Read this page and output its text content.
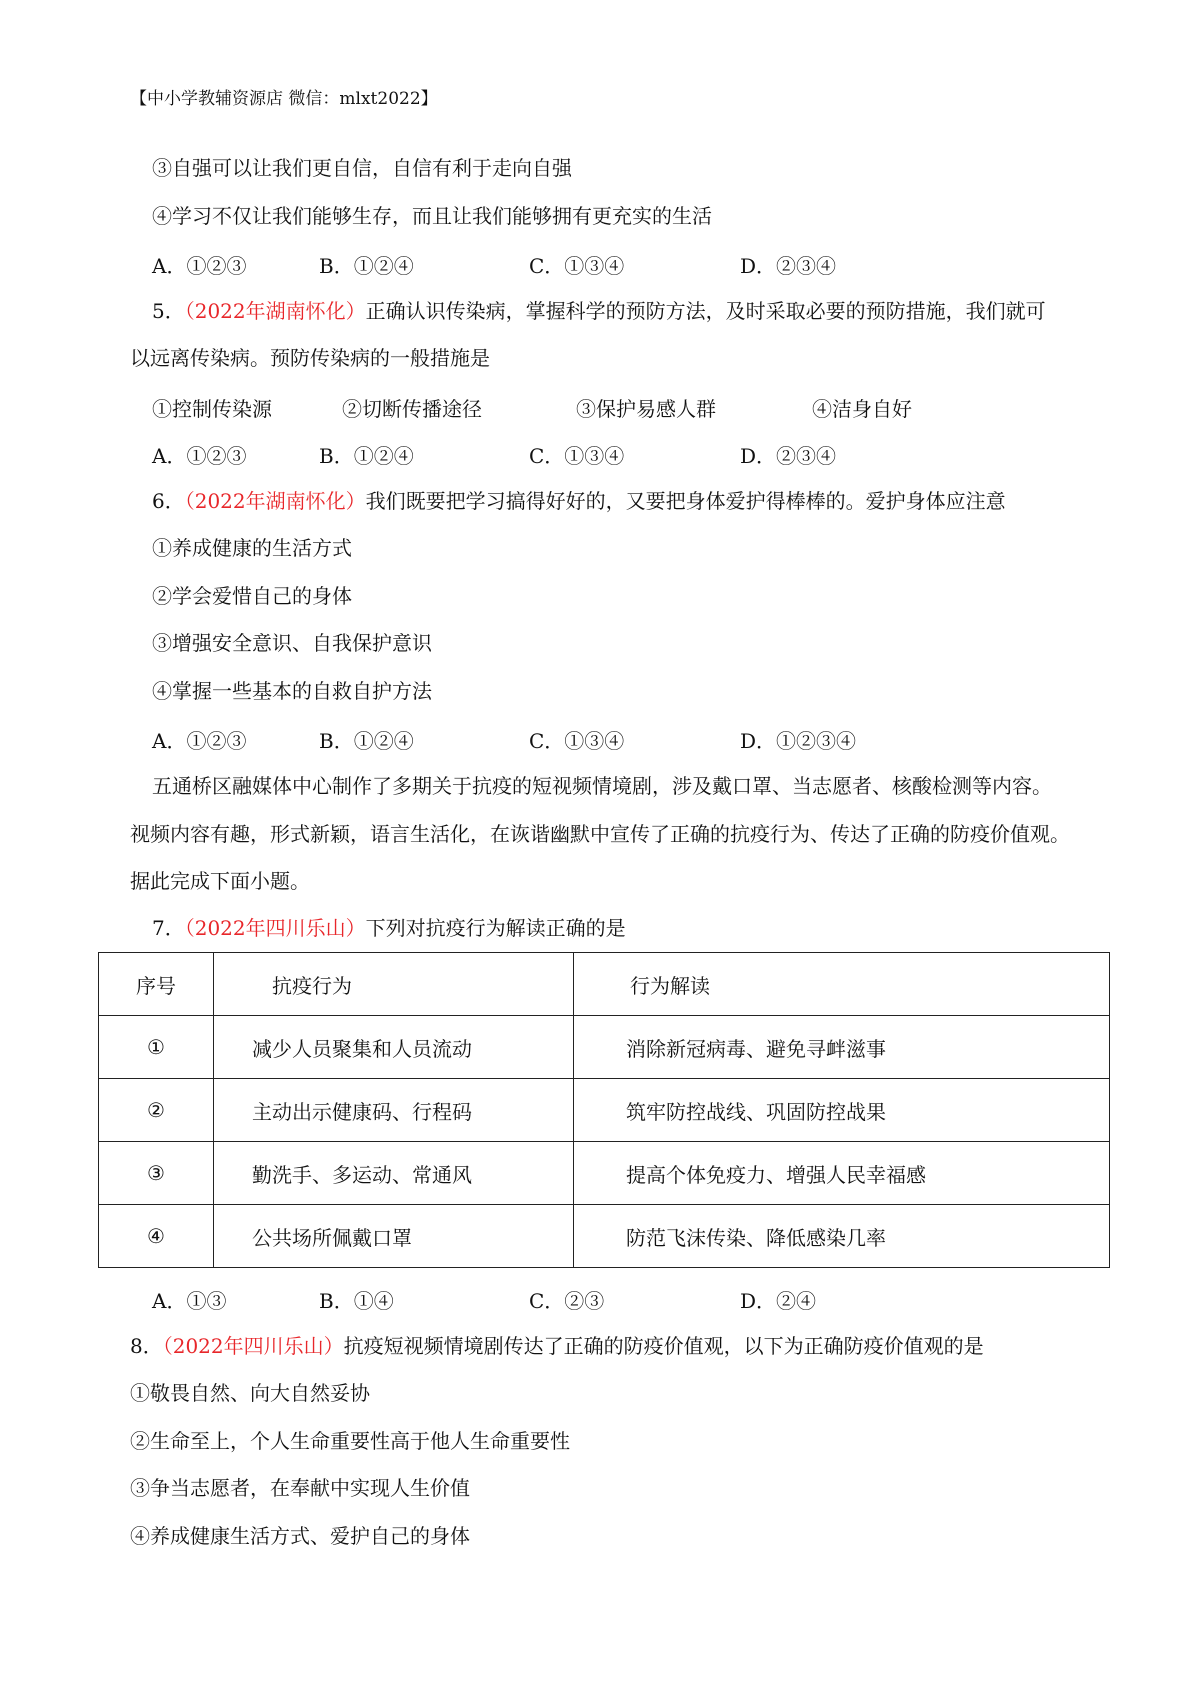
【中小学教辅资源店 微信：mlxt2022】
③自强可以让我们更自信，自信有利于走向自强
④学习不仅让我们能够生存，而且让我们能够拥有更充实的生活
A．①②③	B．①②④	C．①③④	D．②③④
5．（2022年湖南怀化）正确认识传染病，掌握科学的预防方法，及时采取必要的预防措施，我们就可
以远离传染病。预防传染病的一般措施是
①控制传染源	②切断传播途径	③保护易感人群	④洁身自好
A．①②③	B．①②④	C．①③④	D．②③④
6．（2022年湖南怀化）我们既要把学习搞得好好的，又要把身体爱护得棒棒的。爱护身体应注意
①养成健康的生活方式
②学会爱惜自己的身体
③增强安全意识、自我保护意识
④掌握一些基本的自救自护方法
A．①②③	B．①②④	C．①③④	D．①②③④
五通桥区融媒体中心制作了多期关于抗疫的短视频情境剧，涉及戴口罩、当志愿者、核酸检测等内容。
视频内容有趣，形式新颖，语言生活化，在诙谐幽默中宣传了正确的抗疫行为、传达了正确的防疫价值观。
据此完成下面小题。
7．（2022年四川乐山）下列对抗疫行为解读正确的是
序号	抗疫行为	行为解读
①	减少人员聚集和人员流动	消除新冠病毒、避免寻衅滋事
②	主动出示健康码、行程码	筑牢防控战线、巩固防控战果
③	勤洗手、多运动、常通风	提高个体免疫力、增强人民幸福感
④	公共场所佩戴口罩	防范飞沫传染、降低感染几率
A．①③	B．①④	C．②③	D．②④
8．（2022年四川乐山）抗疫短视频情境剧传达了正确的防疫价值观，以下为正确防疫价值观的是
①敬畏自然、向大自然妥协
②生命至上，个人生命重要性高于他人生命重要性
③争当志愿者，在奉献中实现人生价值
④养成健康生活方式、爱护自己的身体
